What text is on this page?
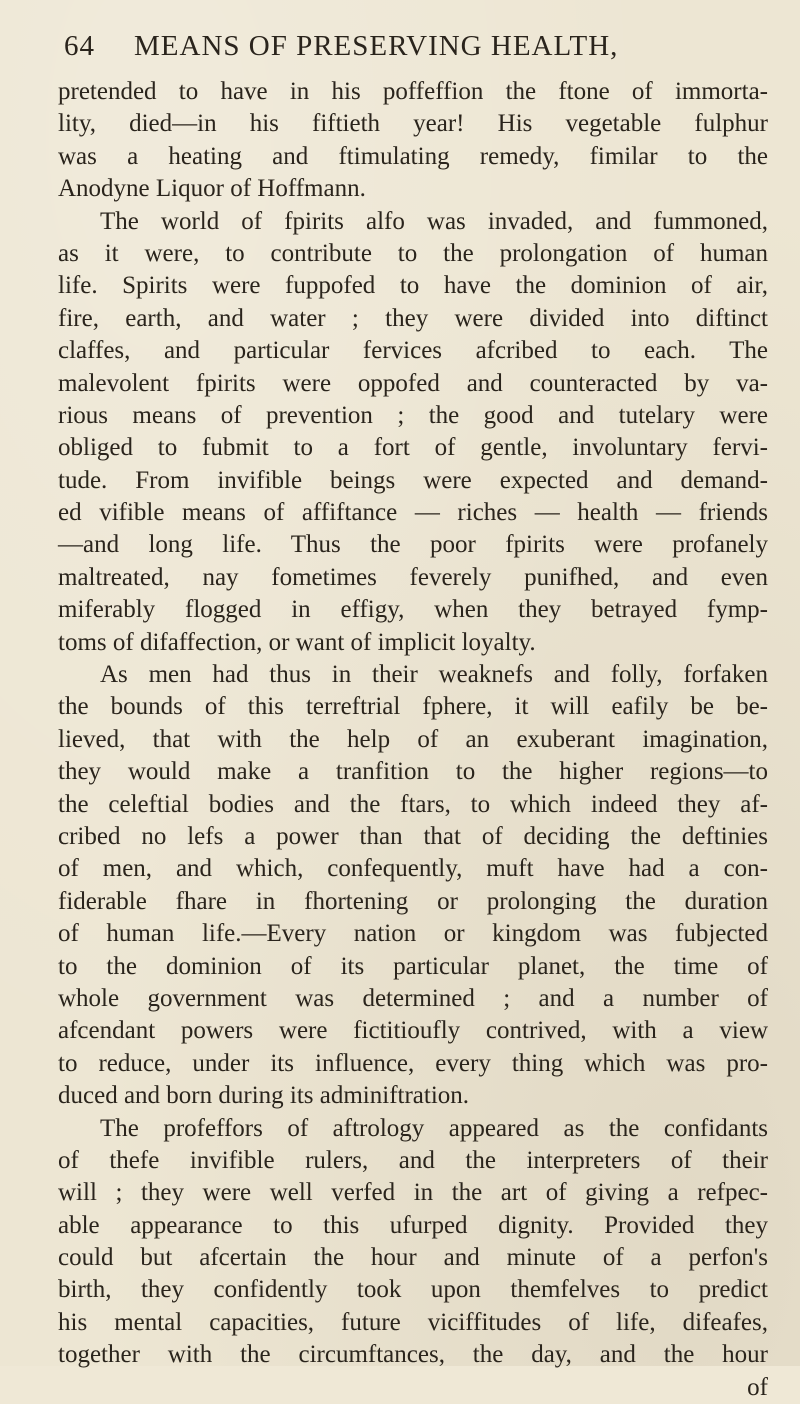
64 MEANS OF PRESERVING HEALTH,
pretended to have in his poffeffion the ftone of immorta-
lity, died—in his fiftieth year! His vegetable fulphur
was a heating and ftimulating remedy, fimilar to the
Anodyne Liquor of Hoffmann.
The world of fpirits alfo was invaded, and fummoned,
as it were, to contribute to the prolongation of human
life. Spirits were fuppofed to have the dominion of air,
fire, earth, and water ; they were divided into diftinct
claffes, and particular fervices afcribed to each. The
malevolent fpirits were oppofed and counteracted by va-
rious means of prevention ; the good and tutelary were
obliged to fubmit to a fort of gentle, involuntary fervi-
tude. From invifible beings were expected and demand-
ed vifible means of affiftance — riches — health — friends
—and long life. Thus the poor fpirits were profanely
maltreated, nay fometimes feverely punifhed, and even
miferably flogged in effigy, when they betrayed fymp-
toms of difaffection, or want of implicit loyalty.
As men had thus in their weaknefs and folly, forfaken
the bounds of this terreftrial fphere, it will eafily be be-
lieved, that with the help of an exuberant imagination,
they would make a tranfition to the higher regions—to
the celeftial bodies and the ftars, to which indeed they af-
cribed no lefs a power than that of deciding the deftinies
of men, and which, confequently, muft have had a con-
fiderable fhare in fhortening or prolonging the duration
of human life.—Every nation or kingdom was fubjected
to the dominion of its particular planet, the time of
whole government was determined ; and a number of
afcendant powers were fictitioufly contrived, with a view
to reduce, under its influence, every thing which was pro-
duced and born during its adminiftration.
The profeffors of aftrology appeared as the confidants
of thefe invifible rulers, and the interpreters of their
will ; they were well verfed in the art of giving a refpec-
able appearance to this ufurped dignity. Provided they
could but afcertain the hour and minute of a perfon's
birth, they confidently took upon themfelves to predict
his mental capacities, future viciffitudes of life, difeafes,
together with the circumftances, the day, and the hour
of
